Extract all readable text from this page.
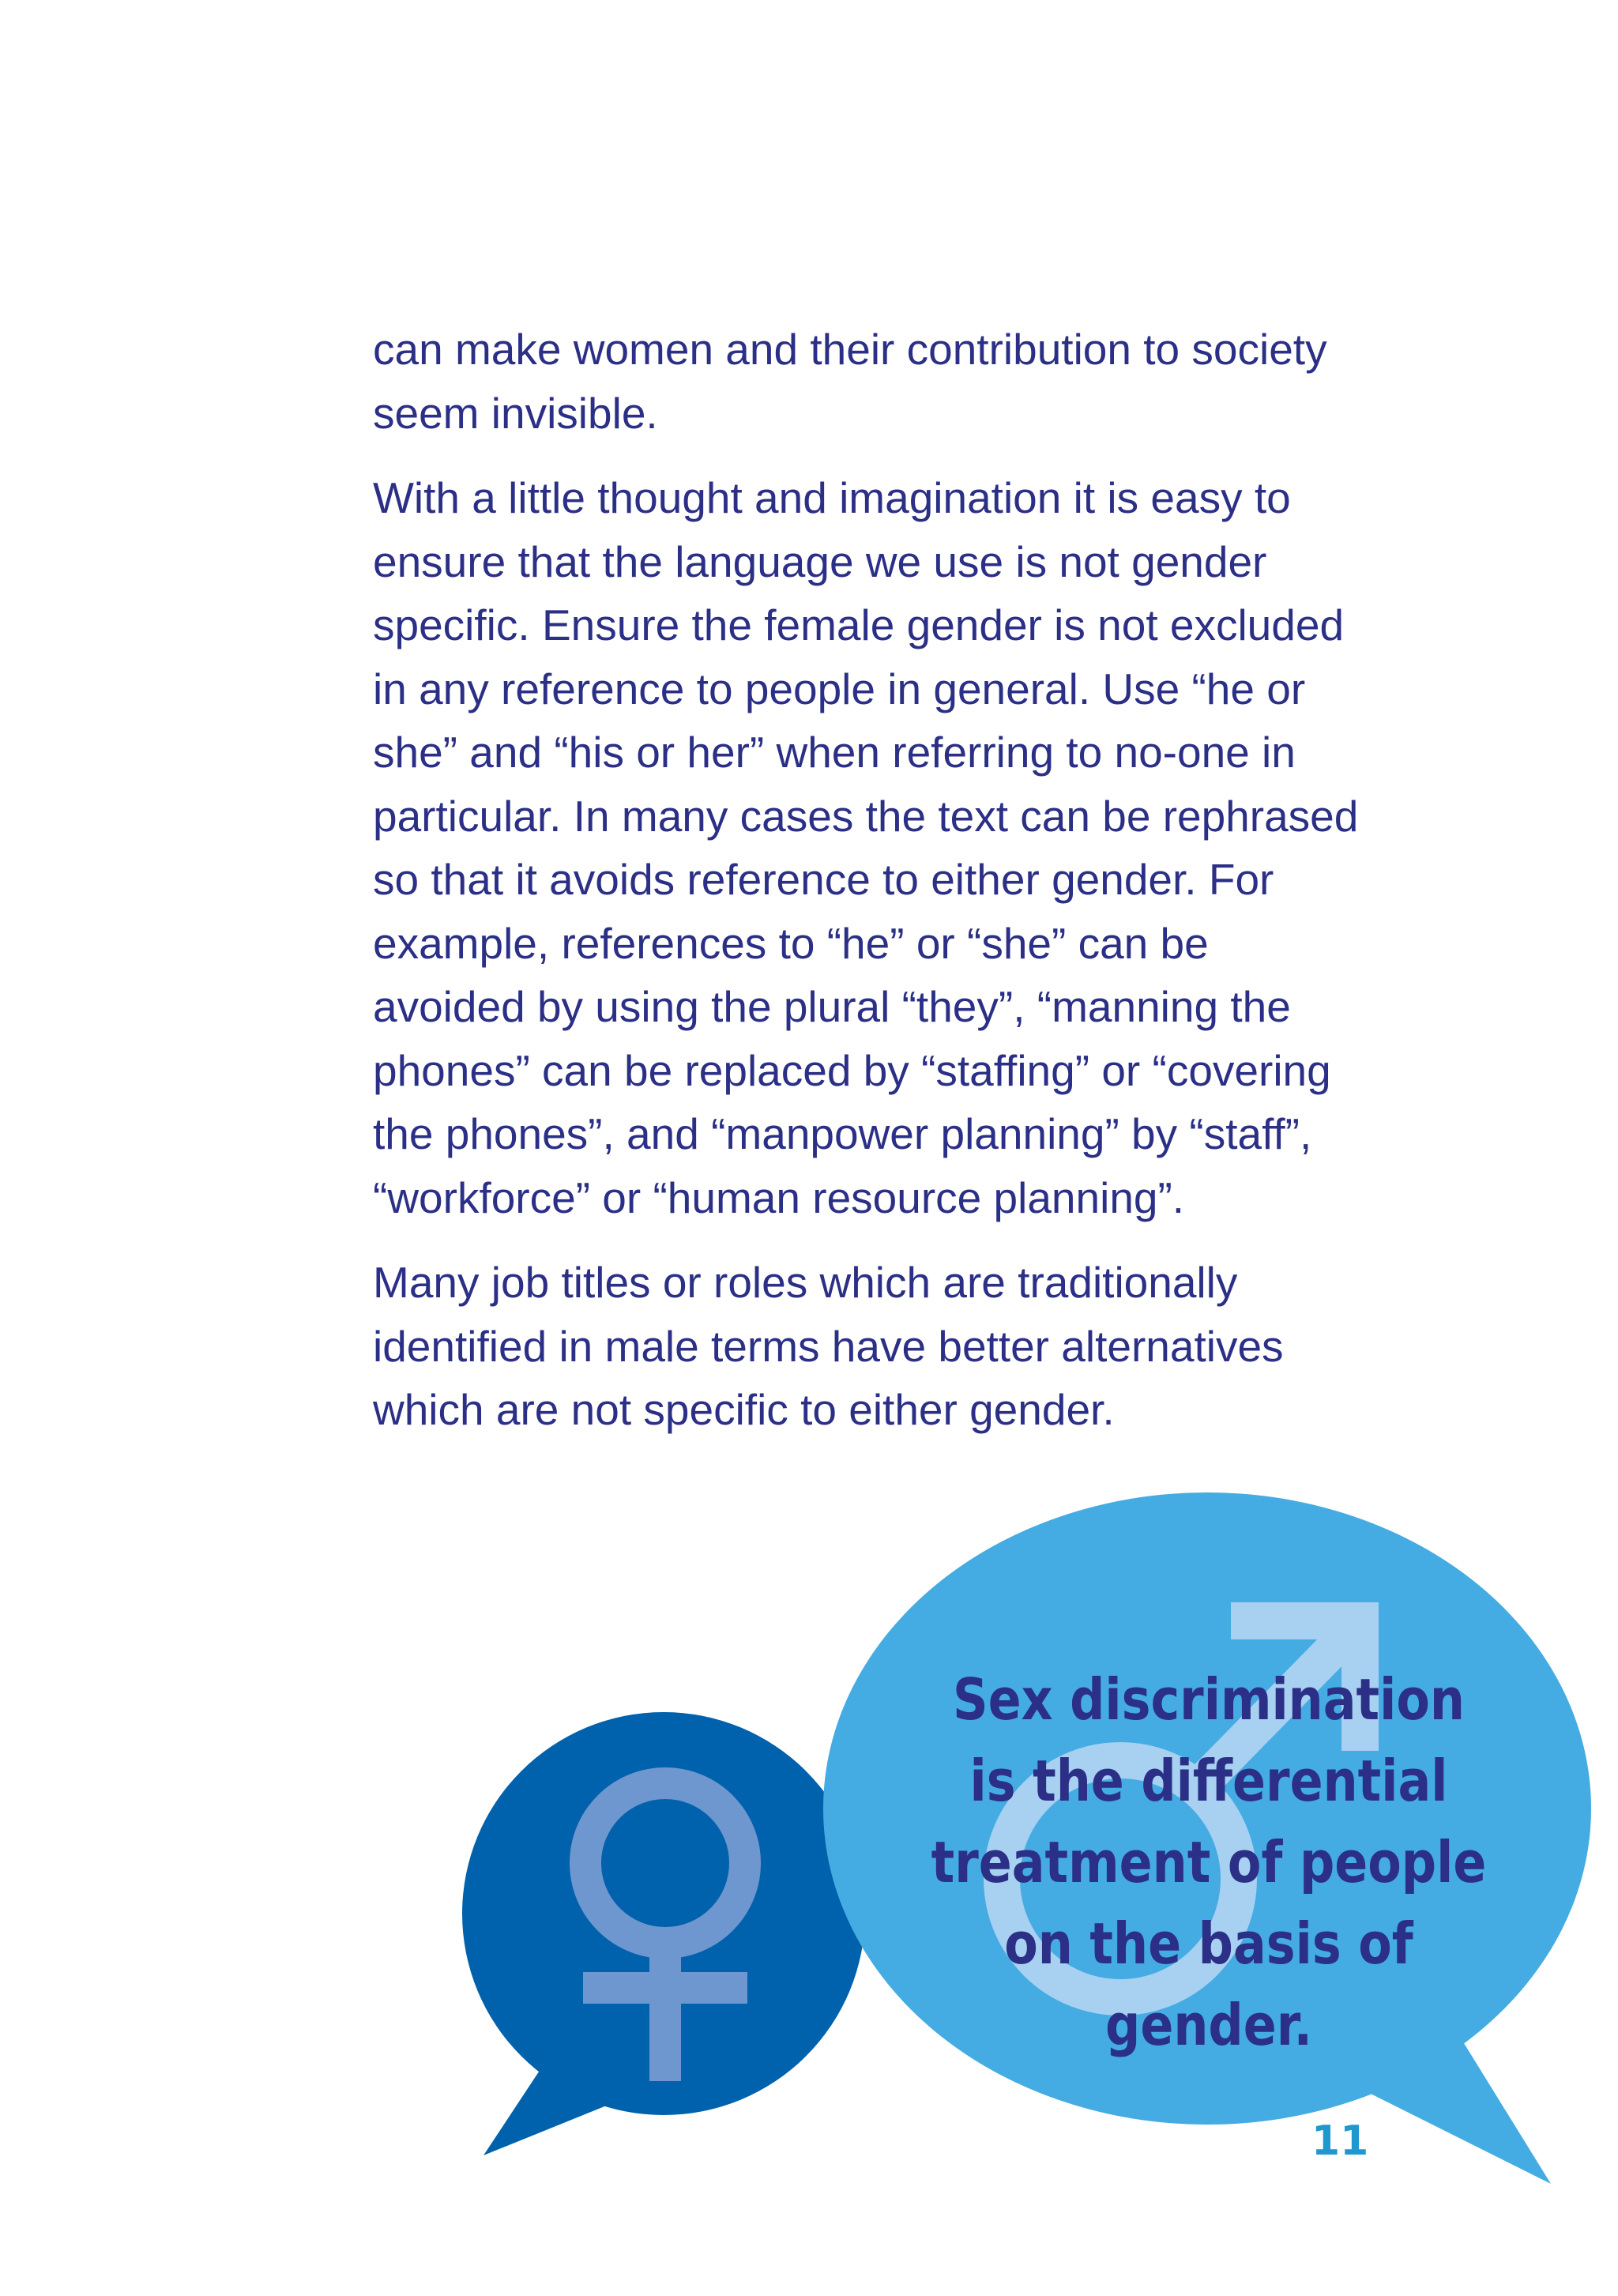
can make women and their contribution to society
seem invisible.

With a little thought and imagination it is easy to
ensure that the language we use is not gender
specific. Ensure the female gender is not excluded
in any reference to people in general. Use “he or
she” and “his or her” when referring to no-one in
particular. In many cases the text can be rephrased
so that it avoids reference to either gender. For
example, references to “he” or “she” can be
avoided by using the plural “they”, “manning the
phones” can be replaced by “staffing” or “covering
the phones”, and “manpower planning” by “staff”,
“workforce” or “human resource planning”.

Many job titles or roles which are traditionally
identified in male terms have better alternatives
which are not specific to either gender.

Sex discrimination
is the differential
treatment of people
on the basis of
gender.
11
